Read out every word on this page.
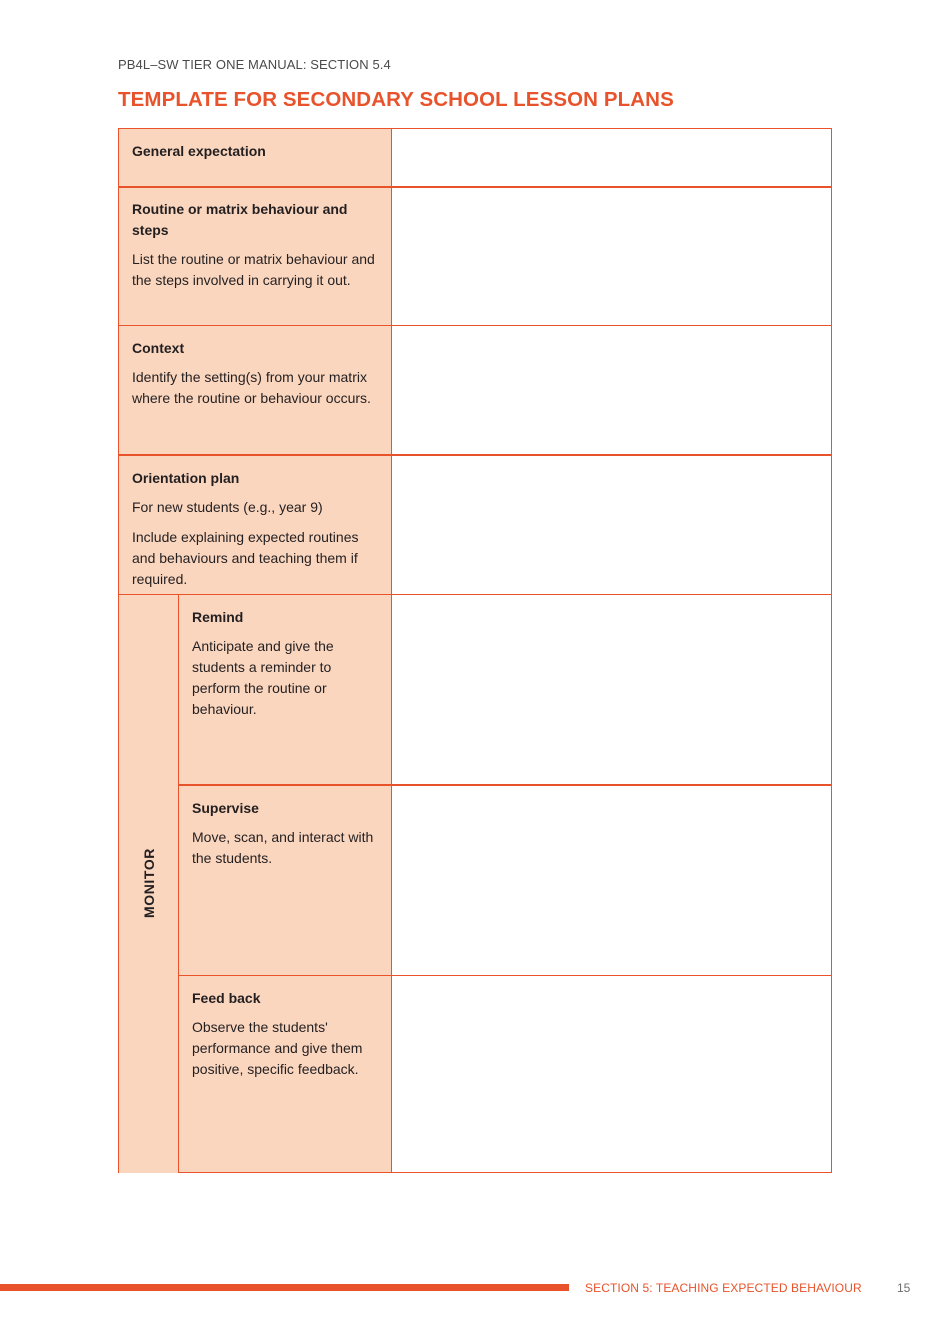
PB4L–SW TIER ONE MANUAL: SECTION 5.4
TEMPLATE FOR SECONDARY SCHOOL LESSON PLANS
General expectation
Routine or matrix behaviour and steps

List the routine or matrix behaviour and the steps involved in carrying it out.

Context

Identify the setting(s) from your matrix where the routine or behaviour occurs.

Orientation plan

For new students (e.g., year 9)

Include explaining expected routines and behaviours and teaching them if required.

MONITOR
Remind

Anticipate and give the students a reminder to perform the routine or behaviour.

Supervise

Move, scan, and interact with the students.

Feed back

Observe the students' performance and give them positive, specific feedback.

SECTION 5: TEACHING EXPECTED BEHAVIOUR	15
